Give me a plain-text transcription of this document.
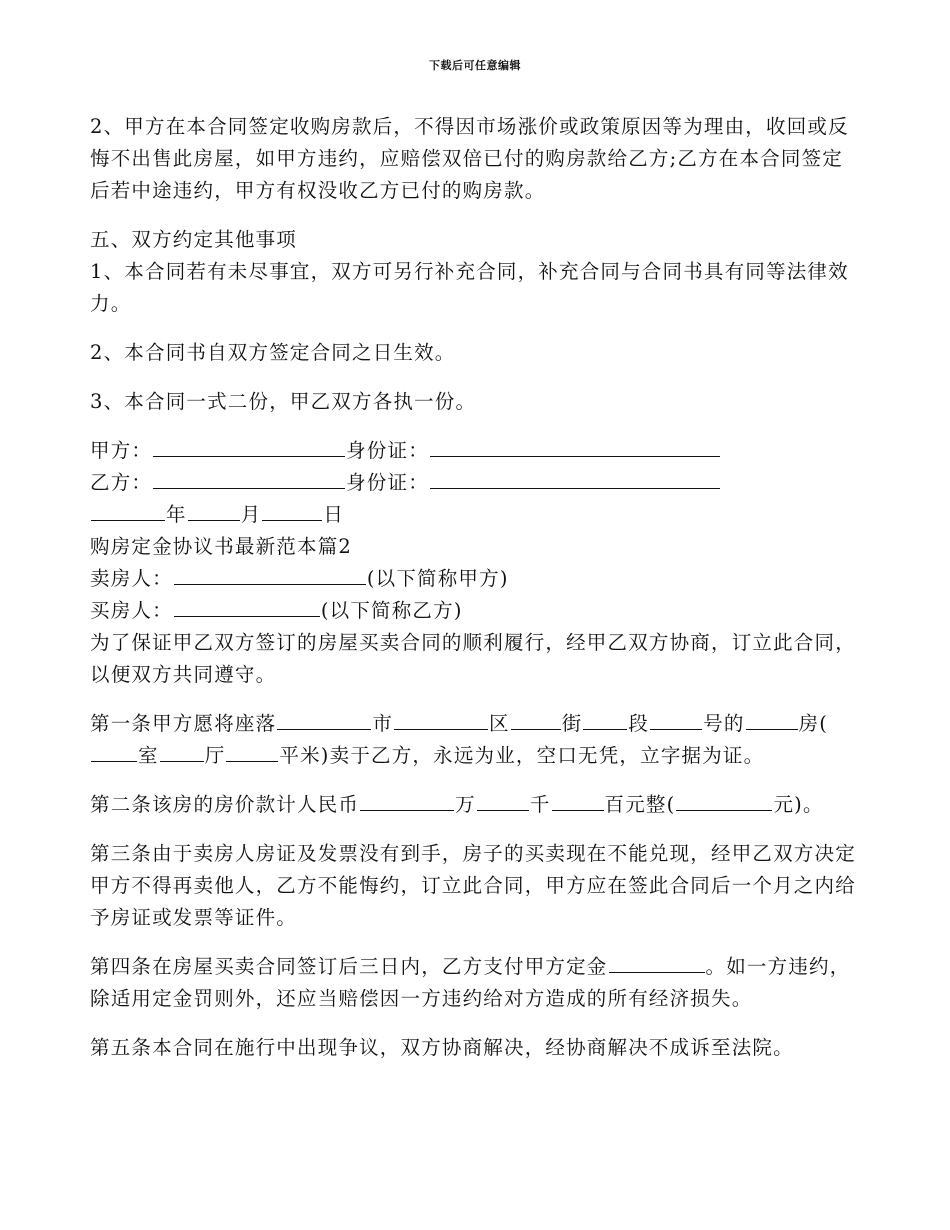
下载后可任意编辑

2、甲方在本合同签定收购房款后，不得因市场涨价或政策原因等为理由，收回或反悔不出售此房屋，如甲方违约，应赔偿双倍已付的购房款给乙方;乙方在本合同签定后若中途违约，甲方有权没收乙方已付的购房款。

五、双方约定其他事项

1、本合同若有未尽事宜，双方可另行补充合同，补充合同与合同书具有同等法律效力。

2、本合同书自双方签定合同之日生效。

3、本合同一式二份，甲乙双方各执一份。

甲方：	身份证：
乙方：	身份证：
年	月	日
购房定金协议书最新范本篇2
卖房人：	(以下简称甲方)
买房人：	(以下简称乙方)

为了保证甲乙双方签订的房屋买卖合同的顺利履行，经甲乙双方协商，订立此合同，以便双方共同遵守。

第一条甲方愿将座落	市	区	街 段	号的	房(室 厅	平米)卖于乙方，永远为业，空口无凭，立字据为证。

第二条该房的房价款计人民币	万	千	百元整(	元)。

第三条由于卖房人房证及发票没有到手，房子的买卖现在不能兑现，经甲乙双方决定甲方不得再卖他人，乙方不能悔约，订立此合同，甲方应在签此合同后一个月之内给予房证或发票等证件。

第四条在房屋买卖合同签订后三日内，乙方支付甲方定金	。如一方违约，除适用定金罚则外，还应当赔偿因一方违约给对方造成的所有经济损失。

第五条本合同在施行中出现争议，双方协商解决，经协商解决不成诉至法院。
